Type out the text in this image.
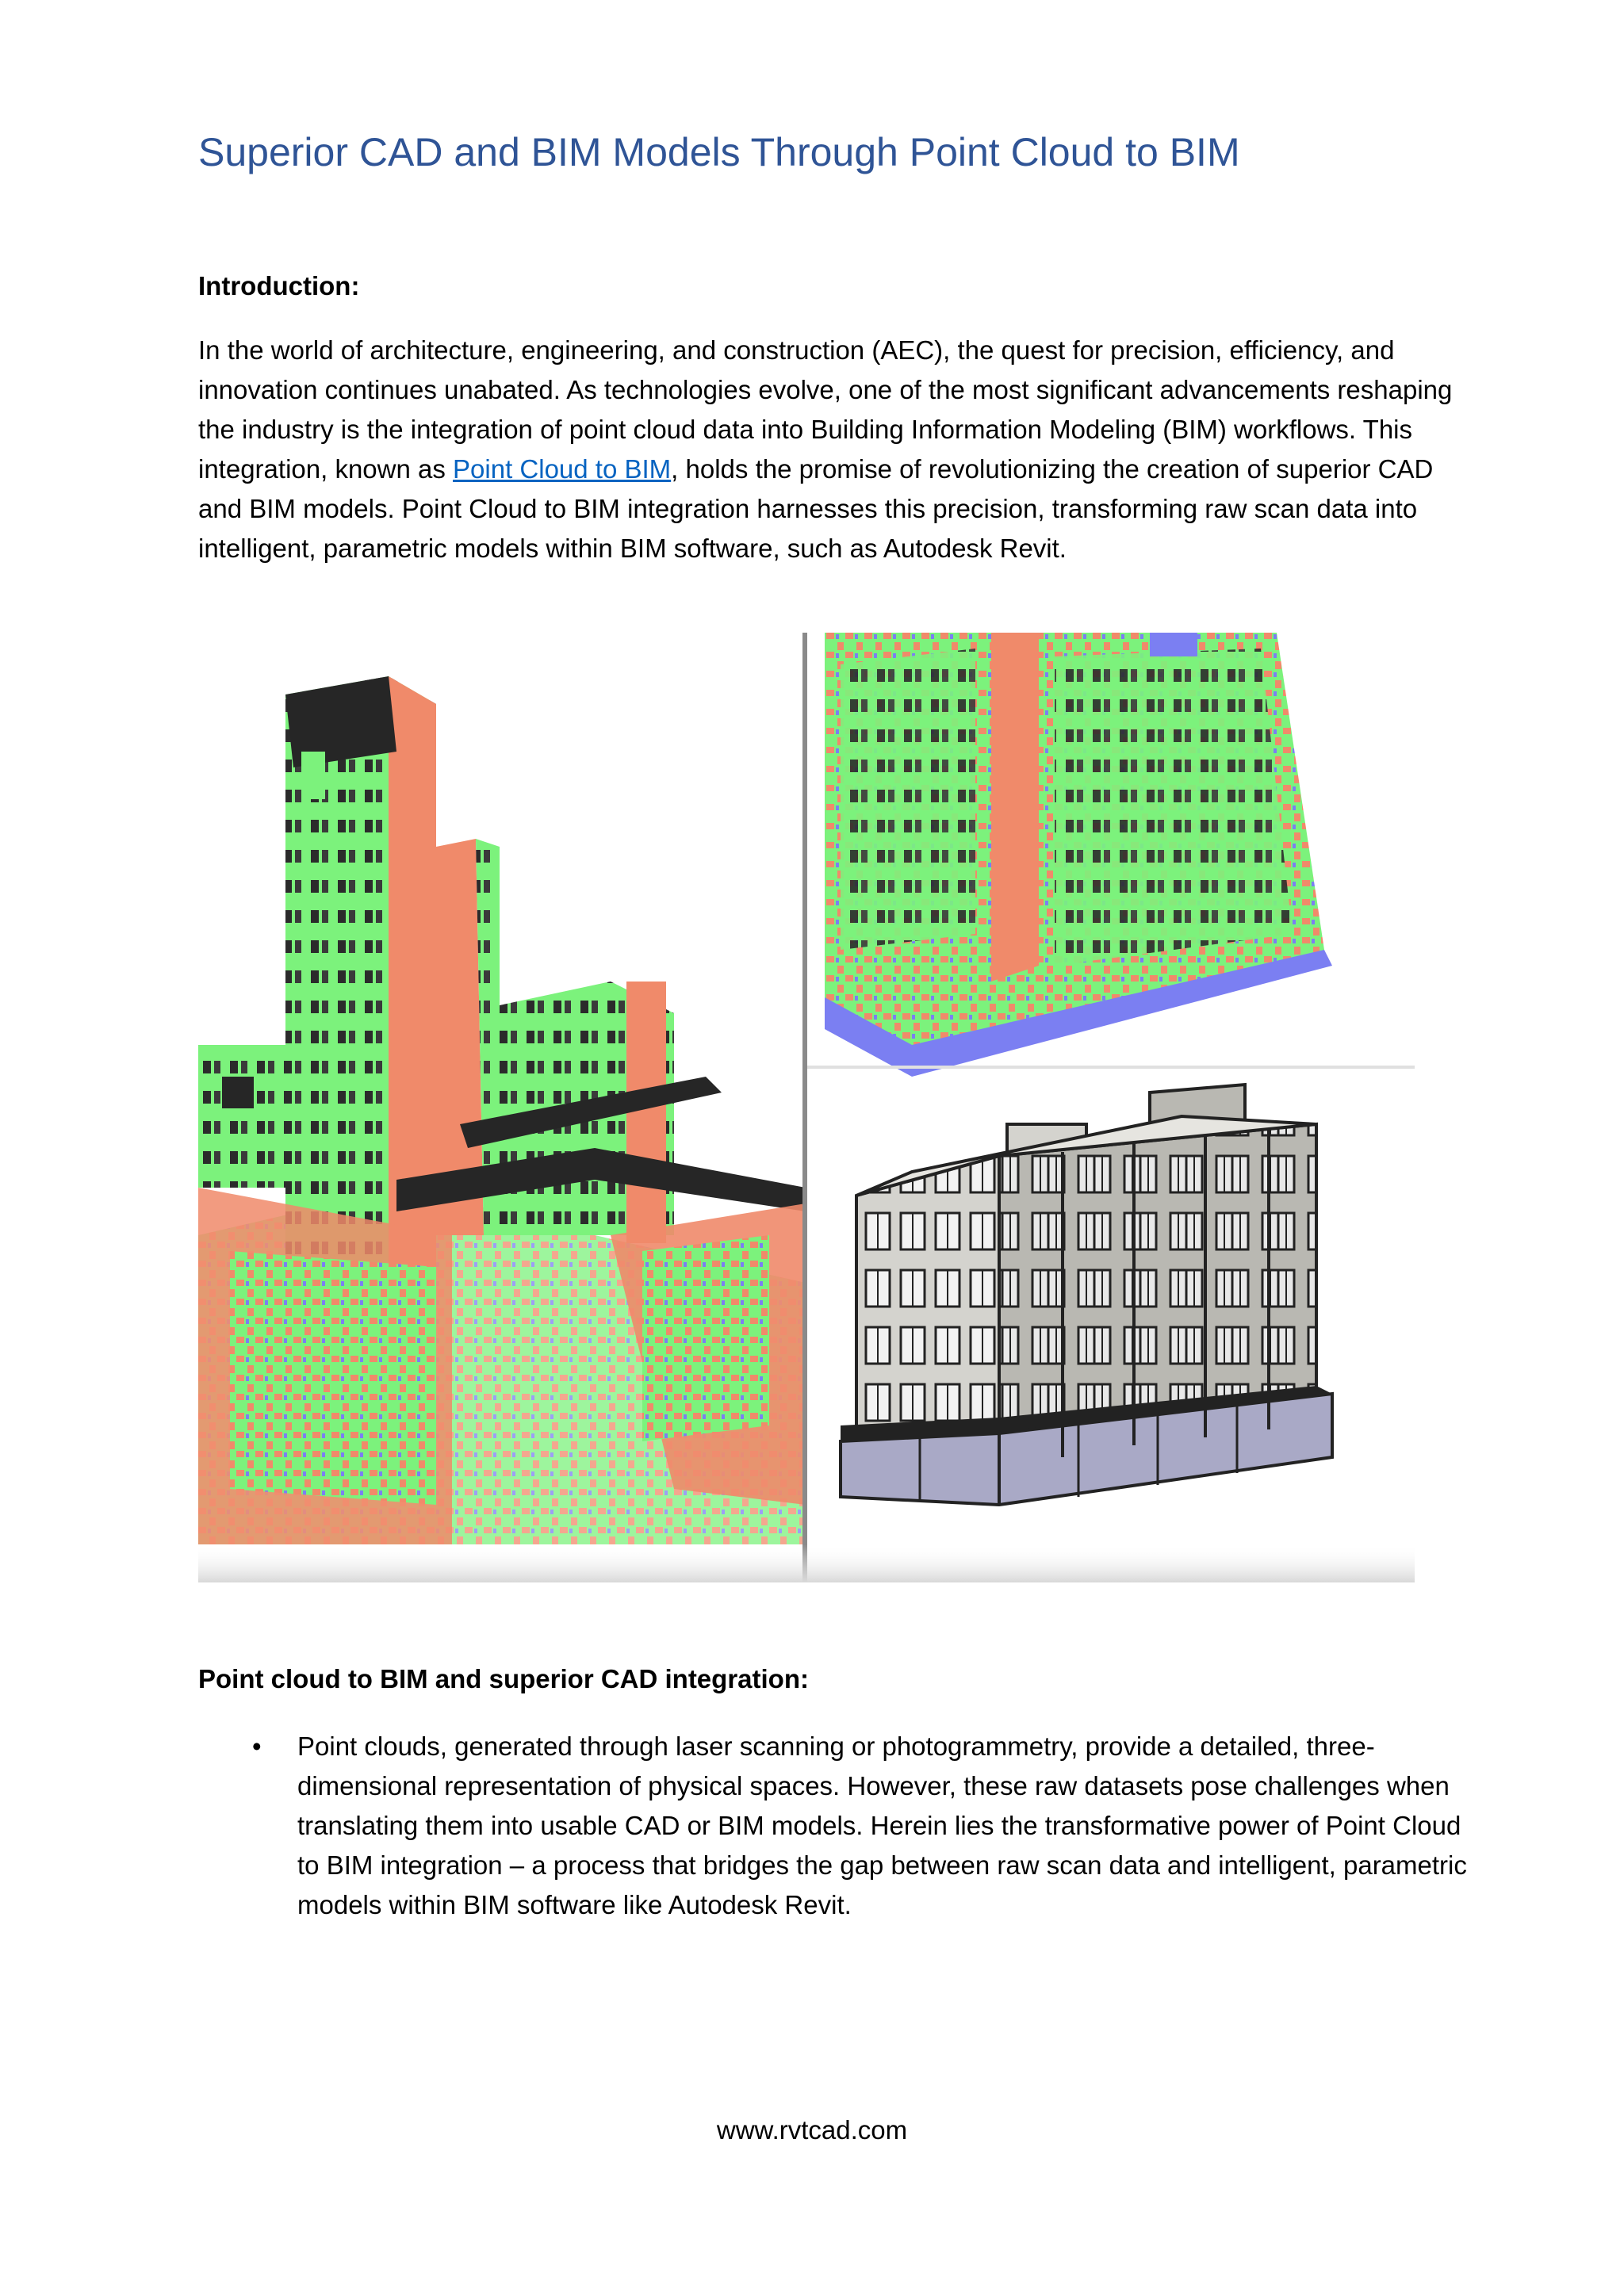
Superior CAD and BIM Models Through Point Cloud to BIM
Introduction:

In the world of architecture, engineering, and construction (AEC), the quest for precision, efficiency, and innovation continues unabated. As technologies evolve, one of the most significant advancements reshaping the industry is the integration of point cloud data into Building Information Modeling (BIM) workflows. This integration, known as Point Cloud to BIM, holds the promise of revolutionizing the creation of superior CAD and BIM models. Point Cloud to BIM integration harnesses this precision, transforming raw scan data into intelligent, parametric models within BIM software, such as Autodesk Revit.

Point cloud to BIM and superior CAD integration:
• Point clouds, generated through laser scanning or photogrammetry, provide a detailed, three-dimensional representation of physical spaces. However, these raw datasets pose challenges when translating them into usable CAD or BIM models. Herein lies the transformative power of Point Cloud to BIM integration – a process that bridges the gap between raw scan data and intelligent, parametric models within BIM software like Autodesk Revit.
www.rvtcad.com
